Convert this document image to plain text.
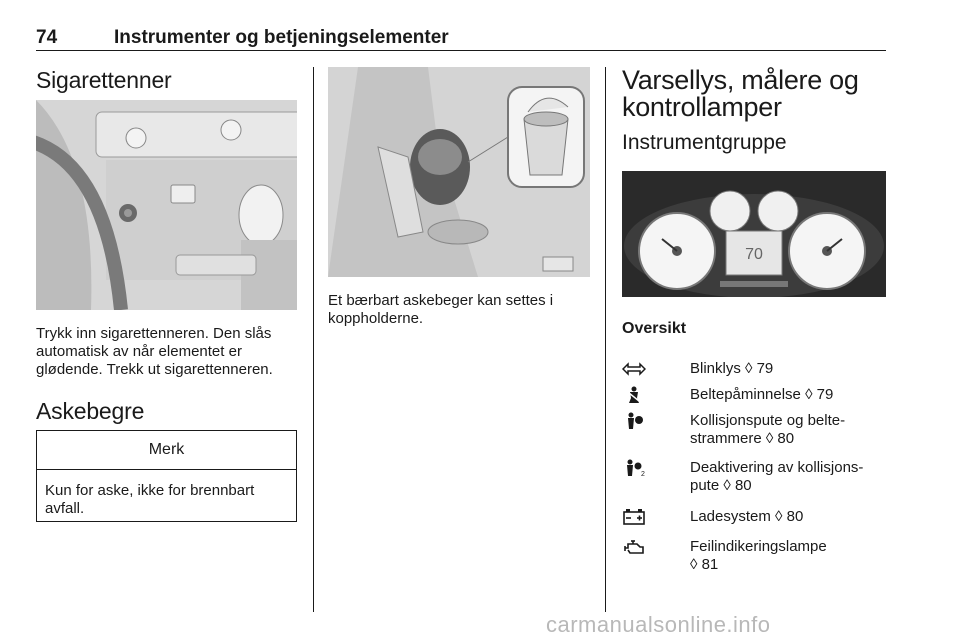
74	Instrumenter og betjeningselementer
Sigarettenner
Trykk inn sigarettenneren. Den slås
automatisk av når elementet er
glødende. Trekk ut sigarettenneren.
Askebegre
Merk
Kun for aske, ikke for brennbart
avfall.
Et bærbart askebeger kan settes i
koppholderne.
Varsellys, målere og
kontrollamper
Instrumentgruppe
70
Oversikt
Blinklys ◊ 79
Beltepåminnelse ◊ 79
Kollisjonspute og belte-
strammere ◊ 80
2	Deaktivering av kollisjons-
pute ◊ 80
Ladesystem ◊ 80
Feilindikeringslampe
◊ 81
carmanualsonline.info
